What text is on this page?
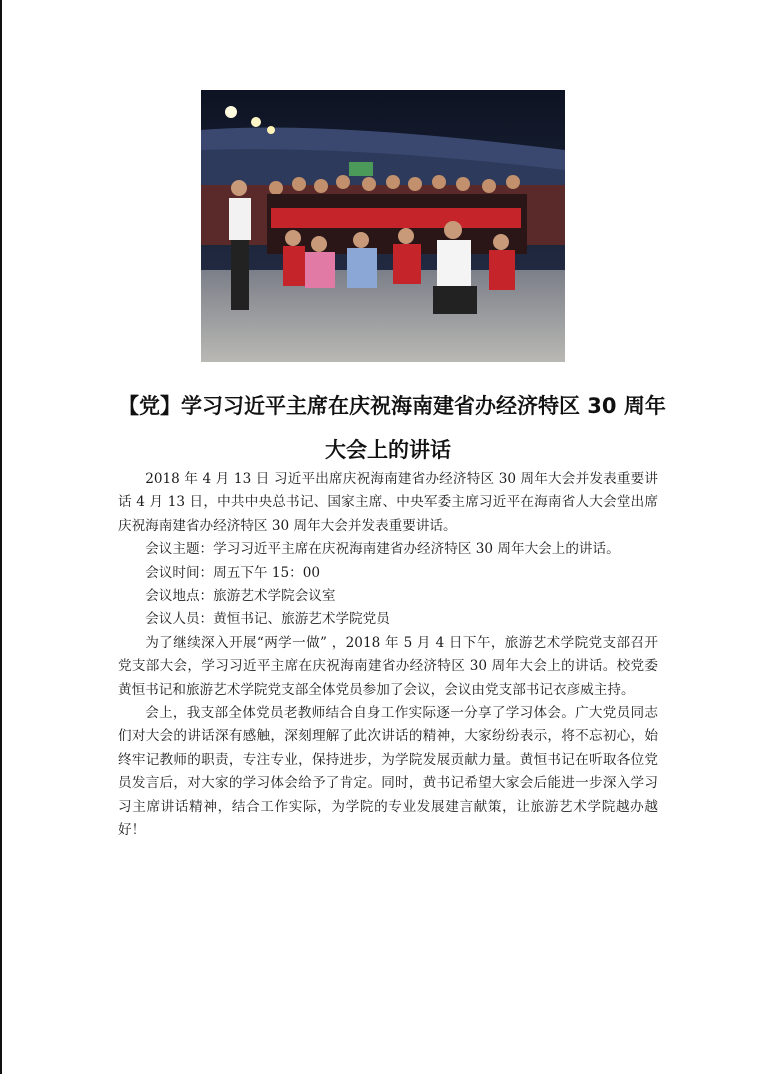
【党】学习习近平主席在庆祝海南建省办经济特区 30 周年
大会上的讲话

2018 年 4 月 13 日 习近平出席庆祝海南建省办经济特区 30 周年大会并发表重要讲话 4 月 13 日，中共中央总书记、国家主席、中央军委主席习近平在海南省人大会堂出席庆祝海南建省办经济特区 30 周年大会并发表重要讲话。

会议主题：学习习近平主席在庆祝海南建省办经济特区 30 周年大会上的讲话。

会议时间：周五下午 15：00

会议地点：旅游艺术学院会议室

会议人员：黄恒书记、旅游艺术学院党员

为了继续深入开展“两学一做” ，2018 年 5 月 4 日下午，旅游艺术学院党支部召开党支部大会，学习习近平主席在庆祝海南建省办经济特区 30 周年大会上的讲话。校党委黄恒书记和旅游艺术学院党支部全体党员参加了会议，会议由党支部书记衣彦威主持。

会上，我支部全体党员老教师结合自身工作实际逐一分享了学习体会。广大党员同志们对大会的讲话深有感触，深刻理解了此次讲话的精神，大家纷纷表示，将不忘初心，始终牢记教师的职责，专注专业，保持进步，为学院发展贡献力量。黄恒书记在听取各位党员发言后，对大家的学习体会给予了肯定。同时，黄书记希望大家会后能进一步深入学习习主席讲话精神，结合工作实际，为学院的专业发展建言献策，让旅游艺术学院越办越好！
